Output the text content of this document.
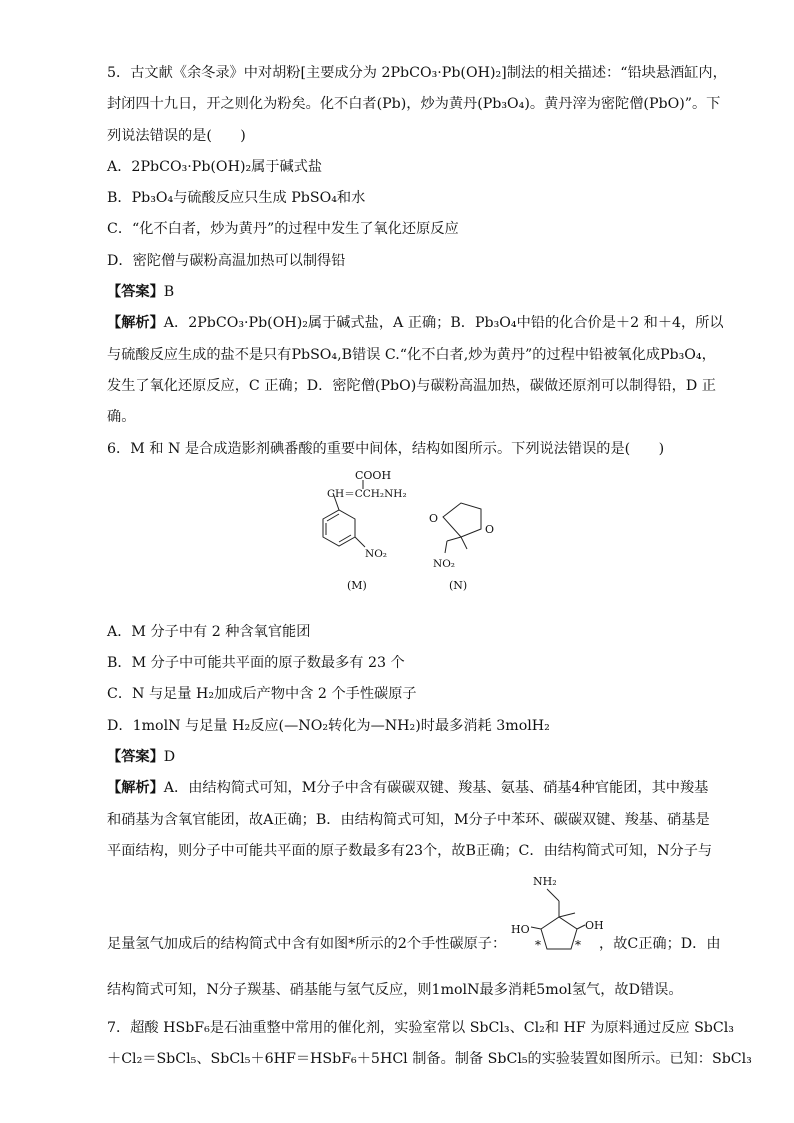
5．古文献《余冬录》中对胡粉[主要成分为 2PbCO₃·Pb(OH)₂]制法的相关描述：“铅块悬酒缸内，
封闭四十九日，开之则化为粉矣。化不白者(Pb)，炒为黄丹(Pb₃O₄)。黄丹滓为密陀僧(PbO)”。下
列说法错误的是(　　)
A．2PbCO₃·Pb(OH)₂属于碱式盐
B．Pb₃O₄与硫酸反应只生成 PbSO₄和水
C．“化不白者，炒为黄丹”的过程中发生了氧化还原反应
D．密陀僧与碳粉高温加热可以制得铅
【答案】B
【解析】A．2PbCO₃·Pb(OH)₂属于碱式盐，A 正确；B．Pb₃O₄中铅的化合价是＋2 和＋4，所以
与硫酸反应生成的盐不是只有PbSO₄,B错误 C.“化不白者,炒为黄丹”的过程中铅被氧化成Pb₃O₄，
发生了氧化还原反应，C 正确；D．密陀僧(PbO)与碳粉高温加热，碳做还原剂可以制得铅，D 正
确。
6．M 和 N 是合成造影剂碘番酸的重要中间体，结构如图所示。下列说法错误的是(　　)
COOH
CH＝CCH₂NH₂
NO₂
(M)
O
O
NO₂
(N)
A．M 分子中有 2 种含氧官能团
B．M 分子中可能共平面的原子数最多有 23 个
C．N 与足量 H₂加成后产物中含 2 个手性碳原子
D．1molN 与足量 H₂反应(—NO₂转化为—NH₂)时最多消耗 3molH₂
【答案】D
【解析】A．由结构简式可知，M分子中含有碳碳双键、羧基、氨基、硝基4种官能团，其中羧基
和硝基为含氧官能团，故A正确；B．由结构简式可知，M分子中苯环、碳碳双键、羧基、硝基是
平面结构，则分子中可能共平面的原子数最多有23个，故B正确；C．由结构简式可知，N分子与
足量氢气加成后的结构简式中含有如图*所示的2个手性碳原子：
NH₂
HO	OH
*	* ，故C正确；D．由
结构简式可知，N分子羰基、硝基能与氢气反应，则1molN最多消耗5mol氢气，故D错误。
7．超酸 HSbF₆是石油重整中常用的催化剂，实验室常以 SbCl₃、Cl₂和 HF 为原料通过反应 SbCl₃
＋Cl₂＝SbCl₅、SbCl₅＋6HF＝HSbF₆＋5HCl 制备。制备 SbCl₅的实验装置如图所示。已知：SbCl₃
